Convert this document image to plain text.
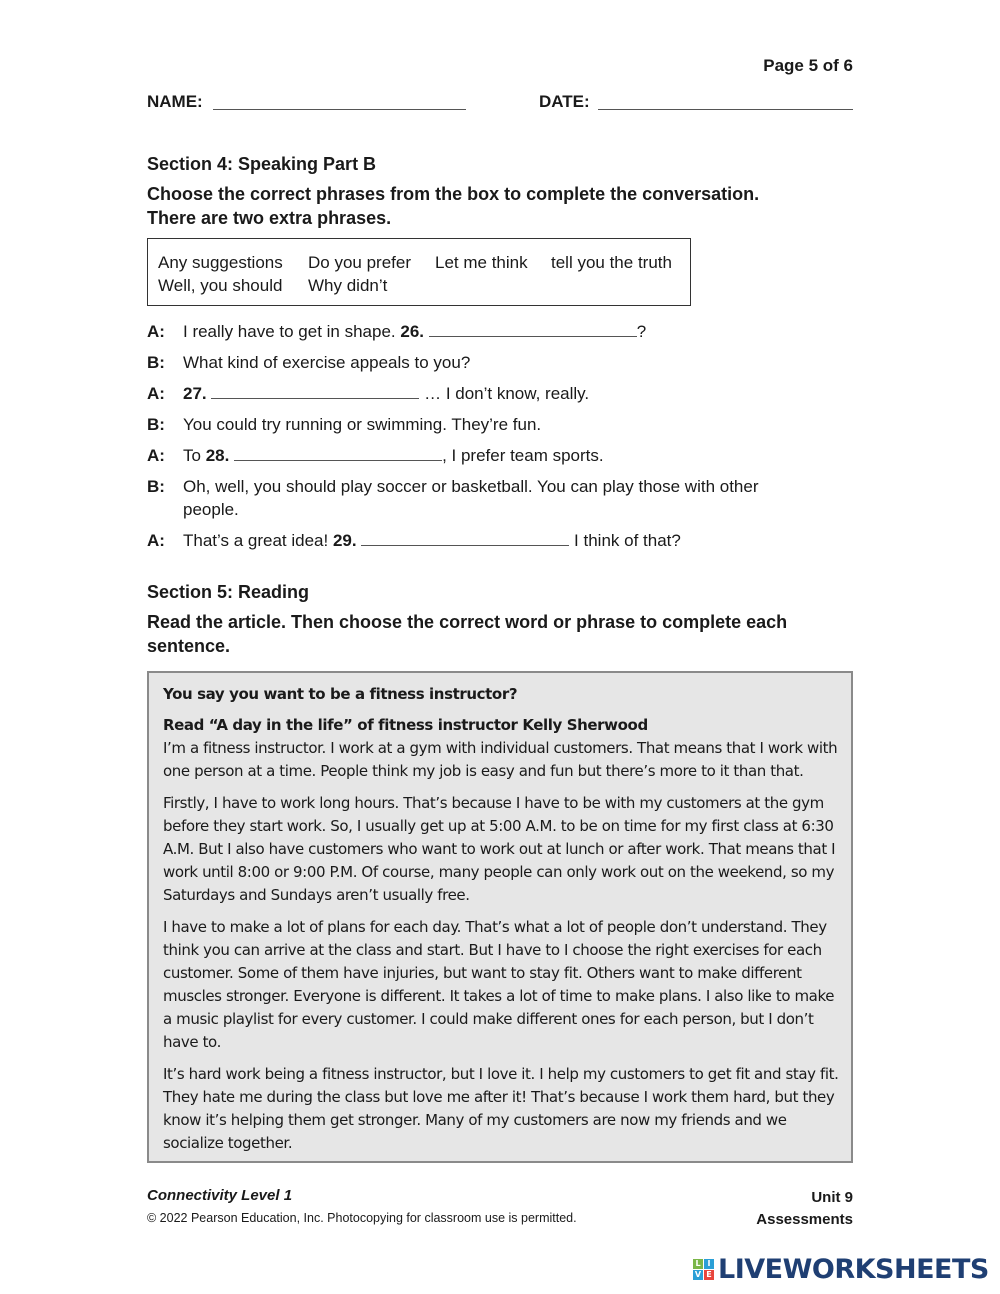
Page 5 of 6
NAME:	DATE:
Section 4: Speaking Part B
Choose the correct phrases from the box to complete the conversation.
There are two extra phrases.
Any suggestions Do you prefer Let me think tell you the truth
Well, you should Why didn’t
A: I really have to get in shape. 26.	?
B: What kind of exercise appeals to you?
A: 27.	… I don’t know, really.
B: You could try running or swimming. They’re fun.
A: To 28.	, I prefer team sports.
B: Oh, well, you should play soccer or basketball. You can play those with other people.
A: That’s a great idea! 29.	I think of that?
Section 5: Reading
Read the article. Then choose the correct word or phrase to complete each sentence.

You say you want to be a fitness instructor?

Read “A day in the life” of fitness instructor Kelly Sherwood

I’m a fitness instructor. I work at a gym with individual customers. That means that I work with one person at a time. People think my job is easy and fun but there’s more to it than that.

Firstly, I have to work long hours. That’s because I have to be with my customers at the gym before they start work. So, I usually get up at 5:00 A.M. to be on time for my first class at 6:30 A.M. But I also have customers who want to work out at lunch or after work. That means that I work until 8:00 or 9:00 P.M. Of course, many people can only work out on the weekend, so my Saturdays and Sundays aren’t usually free.

I have to make a lot of plans for each day. That’s what a lot of people don’t understand. They think you can arrive at the class and start. But I have to I choose the right exercises for each customer. Some of them have injuries, but want to stay fit. Others want to make different muscles stronger. Everyone is different. It takes a lot of time to make plans. I also like to make a music playlist for every customer. I could make different ones for each person, but I don’t have to.

It’s hard work being a fitness instructor, but I love it. I help my customers to get fit and stay fit. They hate me during the class but love me after it! That’s because I work them hard, but they know it’s helping them get stronger. Many of my customers are now my friends and we socialize together.

Connectivity Level 1
© 2022 Pearson Education, Inc. Photocopying for classroom use is permitted.
Unit 9
Assessments
L I
V E LIVEWORKSHEETS
